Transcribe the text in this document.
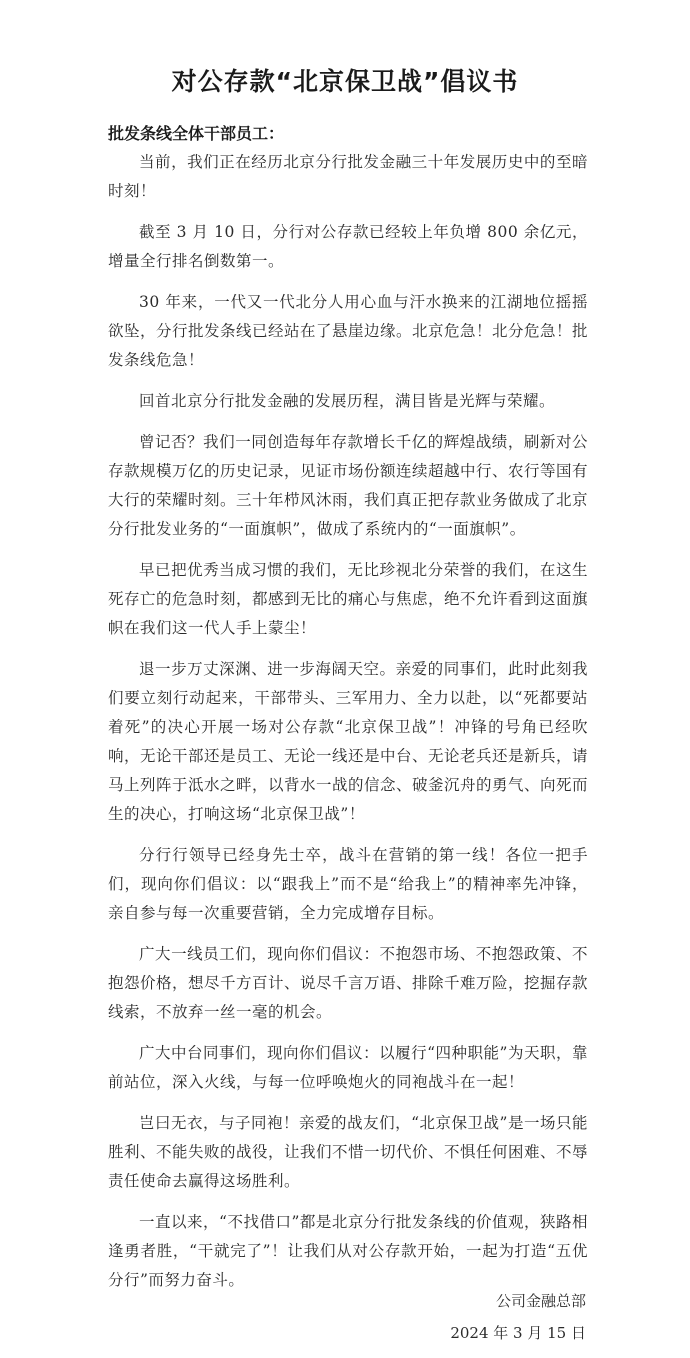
对公存款“北京保卫战”倡议书

批发条线全体干部员工：

当前，我们正在经历北京分行批发金融三十年发展历史中的至暗时刻！

截至 3 月 10 日，分行对公存款已经较上年负增 800 余亿元，增量全行排名倒数第一。

30 年来，一代又一代北分人用心血与汗水换来的江湖地位摇摇欲坠，分行批发条线已经站在了悬崖边缘。北京危急！北分危急！批发条线危急！

回首北京分行批发金融的发展历程，满目皆是光辉与荣耀。

曾记否？我们一同创造每年存款增长千亿的辉煌战绩，刷新对公存款规模万亿的历史记录，见证市场份额连续超越中行、农行等国有大行的荣耀时刻。三十年栉风沐雨，我们真正把存款业务做成了北京分行批发业务的“一面旗帜”，做成了系统内的“一面旗帜”。

早已把优秀当成习惯的我们，无比珍视北分荣誉的我们，在这生死存亡的危急时刻，都感到无比的痛心与焦虑，绝不允许看到这面旗帜在我们这一代人手上蒙尘！

退一步万丈深渊、进一步海阔天空。亲爱的同事们，此时此刻我们要立刻行动起来，干部带头、三军用力、全力以赴，以“死都要站着死”的决心开展一场对公存款“北京保卫战”！冲锋的号角已经吹响，无论干部还是员工、无论一线还是中台、无论老兵还是新兵，请马上列阵于泜水之畔，以背水一战的信念、破釜沉舟的勇气、向死而生的决心，打响这场“北京保卫战”！

分行行领导已经身先士卒，战斗在营销的第一线！各位一把手们，现向你们倡议：以“跟我上”而不是“给我上”的精神率先冲锋，亲自参与每一次重要营销，全力完成增存目标。

广大一线员工们，现向你们倡议：不抱怨市场、不抱怨政策、不抱怨价格，想尽千方百计、说尽千言万语、排除千难万险，挖掘存款线索，不放弃一丝一毫的机会。

广大中台同事们，现向你们倡议：以履行“四种职能”为天职，靠前站位，深入火线，与每一位呼唤炮火的同袍战斗在一起！

岂曰无衣，与子同袍！亲爱的战友们，“北京保卫战”是一场只能胜利、不能失败的战役，让我们不惜一切代价、不惧任何困难、不辱责任使命去赢得这场胜利。

一直以来，“不找借口”都是北京分行批发条线的价值观，狭路相逢勇者胜，“干就完了”！让我们从对公存款开始，一起为打造“五优分行”而努力奋斗。

公司金融总部

2024 年 3 月 15 日
